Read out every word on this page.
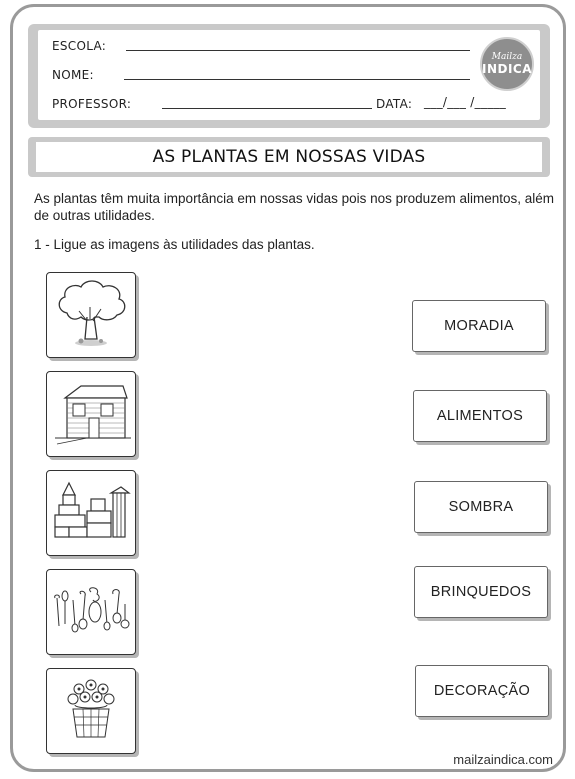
ESCOLA:
NOME:
PROFESSOR:	DATA: ___/___ /_____
Mailza
INDICA
AS PLANTAS EM NOSSAS VIDAS

As plantas têm muita importância em nossas vidas pois nos produzem alimentos, além de outras utilidades.

1 - Ligue as imagens às utilidades das plantas.

MORADIA
ALIMENTOS
SOMBRA
BRINQUEDOS
DECORAÇÃO
mailzaindica.com
